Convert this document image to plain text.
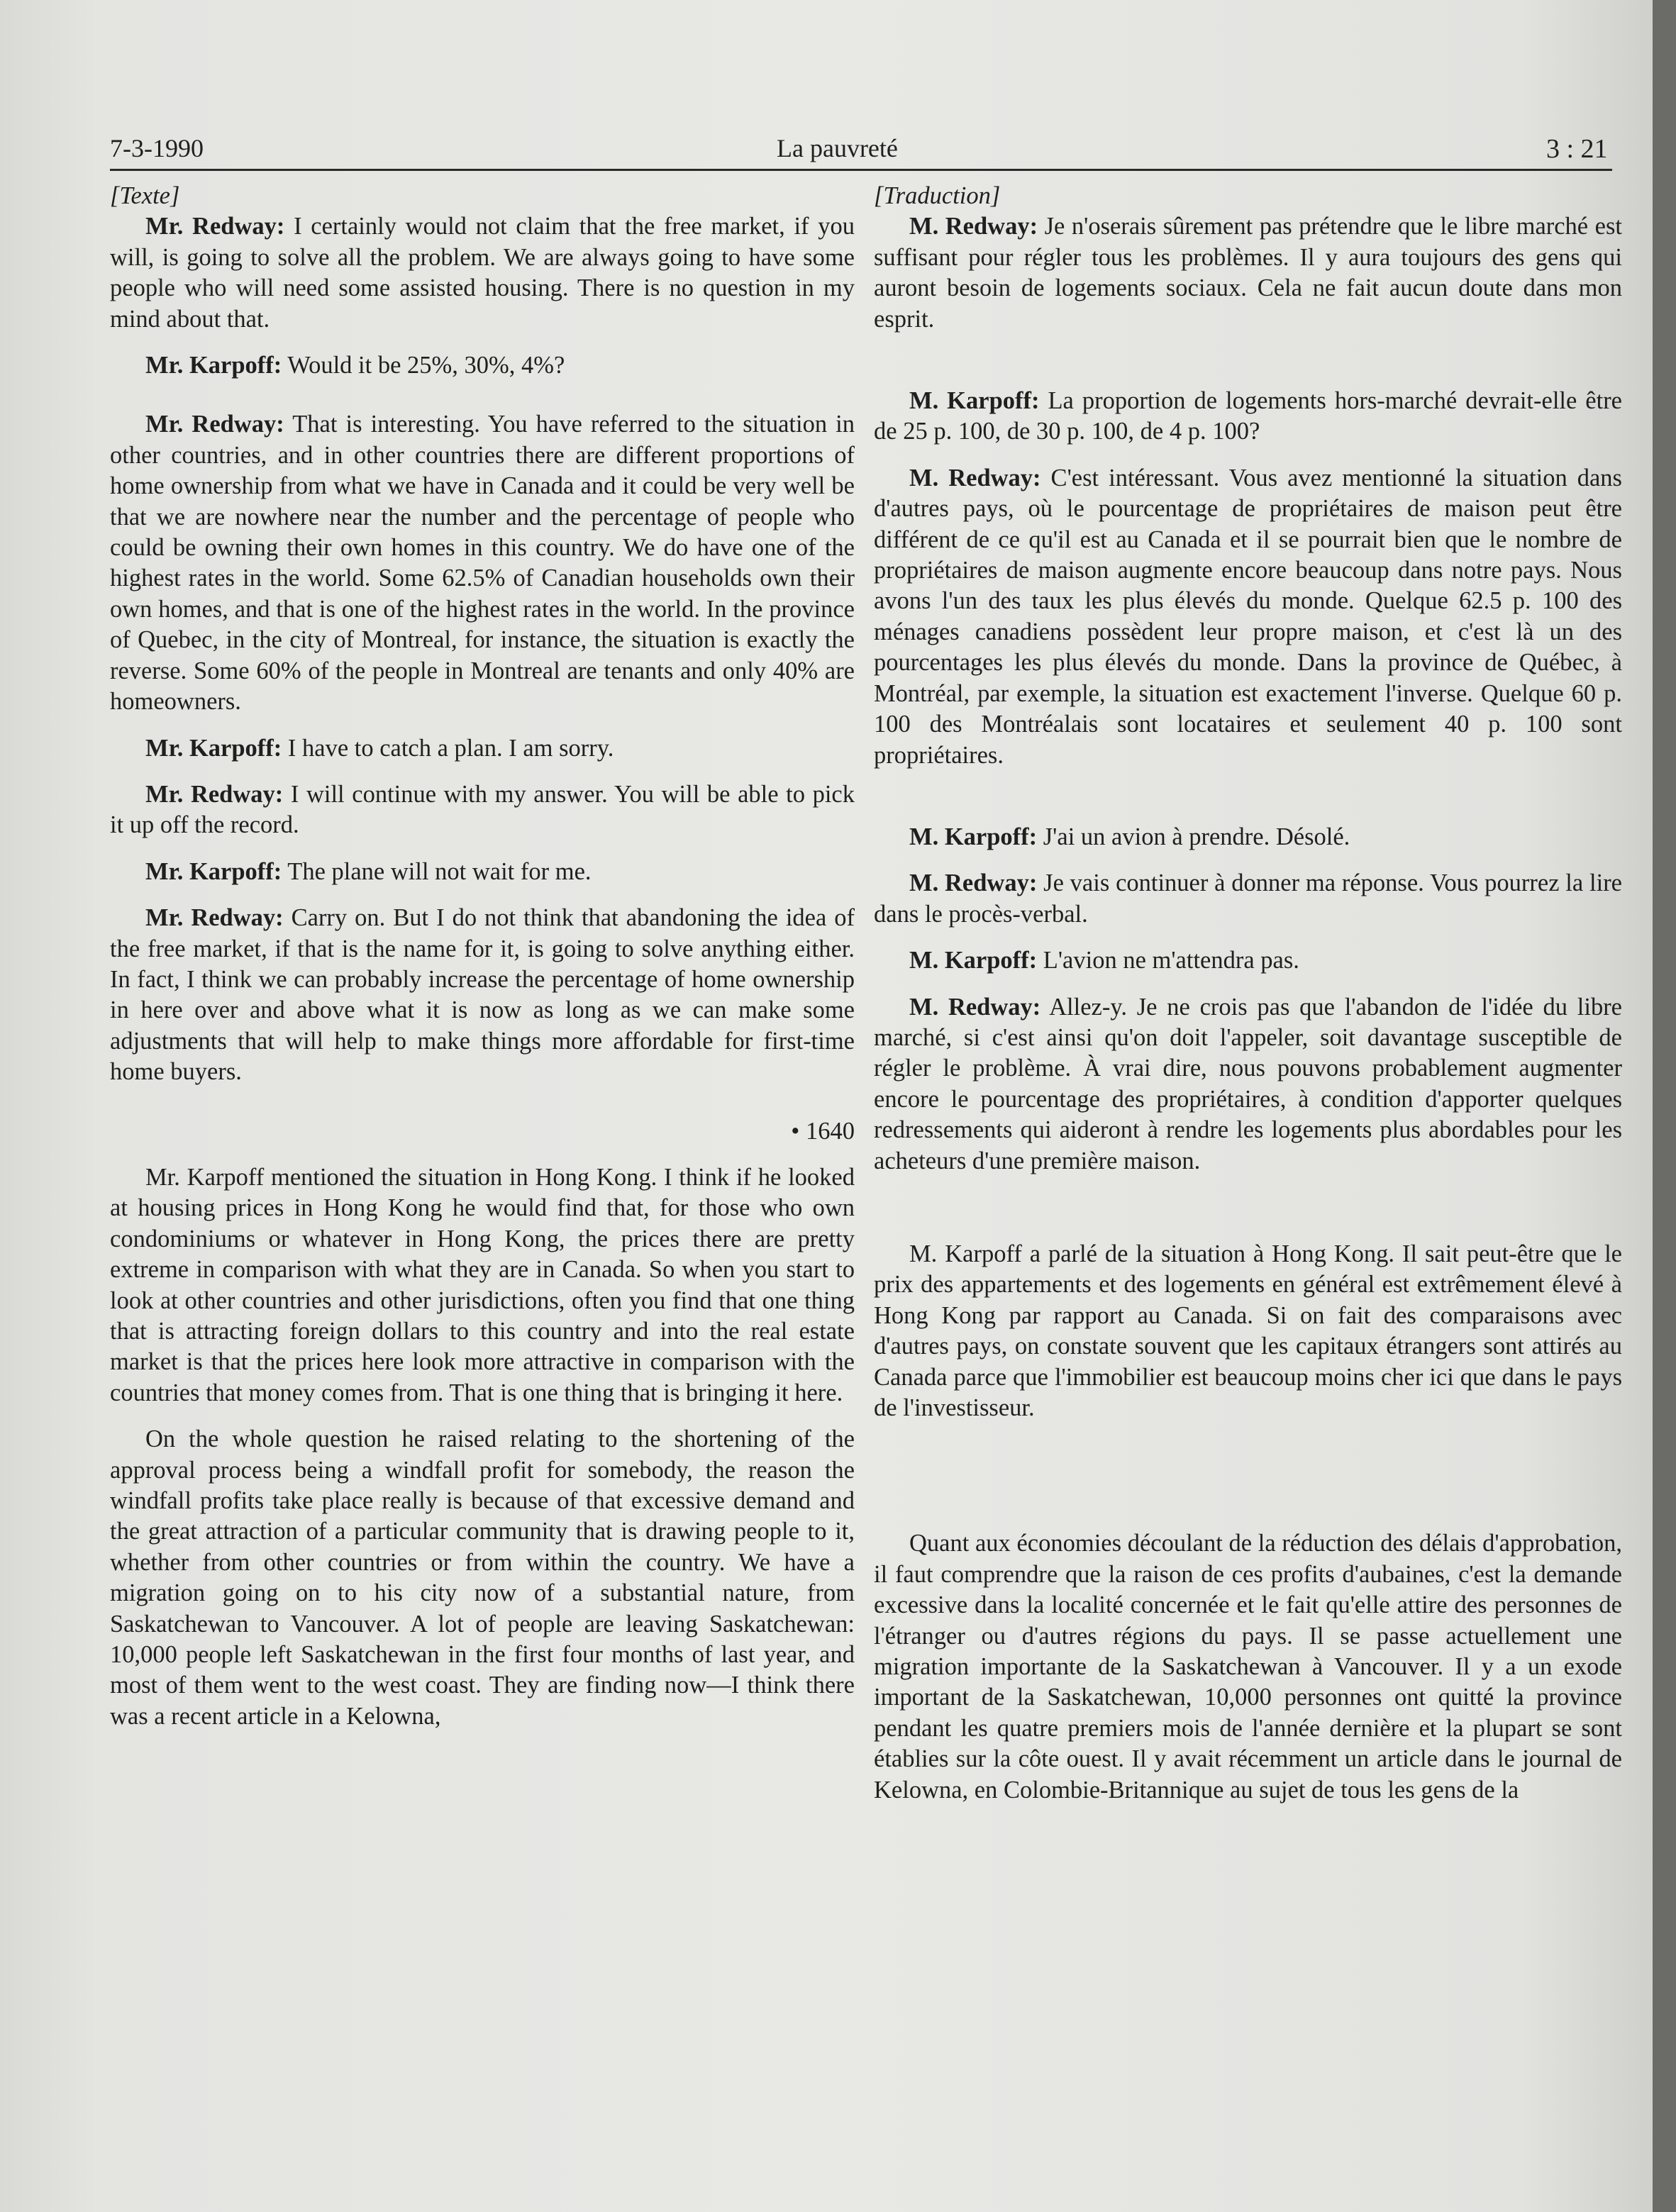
7-3-1990	La pauvreté	3 : 21

[Texte]

Mr. Redway: I certainly would not claim that the free market, if you will, is going to solve all the problem. We are always going to have some people who will need some assisted housing. There is no question in my mind about that.

Mr. Karpoff: Would it be 25%, 30%, 4%?

Mr. Redway: That is interesting. You have referred to the situation in other countries, and in other countries there are different proportions of home ownership from what we have in Canada and it could be very well be that we are nowhere near the number and the percentage of people who could be owning their own homes in this country. We do have one of the highest rates in the world. Some 62.5% of Canadian households own their own homes, and that is one of the highest rates in the world. In the province of Quebec, in the city of Montreal, for instance, the situation is exactly the reverse. Some 60% of the people in Montreal are tenants and only 40% are homeowners.

Mr. Karpoff: I have to catch a plan. I am sorry.

Mr. Redway: I will continue with my answer. You will be able to pick it up off the record.

Mr. Karpoff: The plane will not wait for me.

Mr. Redway: Carry on. But I do not think that abandoning the idea of the free market, if that is the name for it, is going to solve anything either. In fact, I think we can probably increase the percentage of home ownership in here over and above what it is now as long as we can make some adjustments that will help to make things more affordable for first-time home buyers.

• 1640

Mr. Karpoff mentioned the situation in Hong Kong. I think if he looked at housing prices in Hong Kong he would find that, for those who own condominiums or whatever in Hong Kong, the prices there are pretty extreme in comparison with what they are in Canada. So when you start to look at other countries and other jurisdictions, often you find that one thing that is attracting foreign dollars to this country and into the real estate market is that the prices here look more attractive in comparison with the countries that money comes from. That is one thing that is bringing it here.

On the whole question he raised relating to the shortening of the approval process being a windfall profit for somebody, the reason the windfall profits take place really is because of that excessive demand and the great attraction of a particular community that is drawing people to it, whether from other countries or from within the country. We have a migration going on to his city now of a substantial nature, from Saskatchewan to Vancouver. A lot of people are leaving Saskatchewan: 10,000 people left Saskatchewan in the first four months of last year, and most of them went to the west coast. They are finding now—I think there was a recent article in a Kelowna,

[Traduction]

M. Redway: Je n'oserais sûrement pas prétendre que le libre marché est suffisant pour régler tous les problèmes. Il y aura toujours des gens qui auront besoin de logements sociaux. Cela ne fait aucun doute dans mon esprit.

M. Karpoff: La proportion de logements hors-marché devrait-elle être de 25 p. 100, de 30 p. 100, de 4 p. 100?

M. Redway: C'est intéressant. Vous avez mentionné la situation dans d'autres pays, où le pourcentage de propriétaires de maison peut être différent de ce qu'il est au Canada et il se pourrait bien que le nombre de propriétaires de maison augmente encore beaucoup dans notre pays. Nous avons l'un des taux les plus élevés du monde. Quelque 62.5 p. 100 des ménages canadiens possèdent leur propre maison, et c'est là un des pourcentages les plus élevés du monde. Dans la province de Québec, à Montréal, par exemple, la situation est exactement l'inverse. Quelque 60 p. 100 des Montréalais sont locataires et seulement 40 p. 100 sont propriétaires.

M. Karpoff: J'ai un avion à prendre. Désolé.

M. Redway: Je vais continuer à donner ma réponse. Vous pourrez la lire dans le procès-verbal.

M. Karpoff: L'avion ne m'attendra pas.

M. Redway: Allez-y. Je ne crois pas que l'abandon de l'idée du libre marché, si c'est ainsi qu'on doit l'appeler, soit davantage susceptible de régler le problème. À vrai dire, nous pouvons probablement augmenter encore le pourcentage des propriétaires, à condition d'apporter quelques redressements qui aideront à rendre les logements plus abordables pour les acheteurs d'une première maison.

M. Karpoff a parlé de la situation à Hong Kong. Il sait peut-être que le prix des appartements et des logements en général est extrêmement élevé à Hong Kong par rapport au Canada. Si on fait des comparaisons avec d'autres pays, on constate souvent que les capitaux étrangers sont attirés au Canada parce que l'immobilier est beaucoup moins cher ici que dans le pays de l'investisseur.

Quant aux économies découlant de la réduction des délais d'approbation, il faut comprendre que la raison de ces profits d'aubaines, c'est la demande excessive dans la localité concernée et le fait qu'elle attire des personnes de l'étranger ou d'autres régions du pays. Il se passe actuellement une migration importante de la Saskatchewan à Vancouver. Il y a un exode important de la Saskatchewan, 10,000 personnes ont quitté la province pendant les quatre premiers mois de l'année dernière et la plupart se sont établies sur la côte ouest. Il y avait récemment un article dans le journal de Kelowna, en Colombie-Britannique au sujet de tous les gens de la
